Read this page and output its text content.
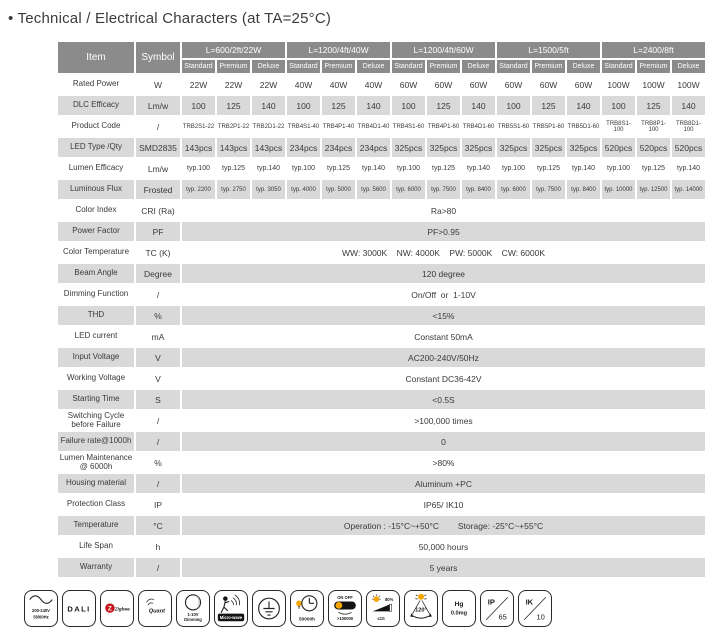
• Technical / Electrical Characters (at TA=25°C)
Item	Symbol	L=600/2ft/22W			L=1200/4ft/40W			L=1200/4ft/60W			L=1500/5ft			L=2400/8ft		
		Standard	Premium	Deluxe	Standard	Premium	Deluxe	Standard	Premium	Deluxe	Standard	Premium	Deluxe	Standard	Premium	Deluxe
Rated Power	W	22W	22W	22W	40W	40W	40W	60W	60W	60W	60W	60W	60W	100W	100W	100W
DLC Efficacy	Lm/w	100	125	140	100	125	140	100	125	140	100	125	140	100	125	140
Product Code	/	TRB2S1-22	TRB2P1-22	TRB2D1-22	TRB4S1-40	TRB4P1-40	TRB4D1-40	TRB4S1-60	TRB4P1-60	TRB4D1-60	TRB5S1-60	TRB5P1-60	TRB5D1-60	TRB8S1-100	TRB8P1-100	TRB8D1-100
LED Type /Qty	SMD2835	143pcs	143pcs	143pcs	234pcs	234pcs	234pcs	325pcs	325pcs	325pcs	325pcs	325pcs	325pcs	520pcs	520pcs	520pcs
Lumen Efficacy	Lm/w	typ.100	typ.125	typ.140	typ.100	typ.125	typ.140	typ.100	typ.125	typ.140	typ.100	typ.125	typ.140	typ.100	typ.125	typ.140
Luminous Flux	Frosted	typ. 2200	typ. 2750	typ. 3050	typ. 4000	typ. 5000	typ. 5600	typ. 6000	typ. 7500	typ. 8400	typ. 6000	typ. 7500	typ. 8400	typ. 10000	typ. 12500	typ. 14000
Color Index	CRI (Ra)	Ra>80														
Power Factor	PF	PF>0.95														
Color Temperature	TC (K)	WW: 3000K    NW: 4000K    PW: 5000K    CW: 6000K														
Beam Angle	Degree	120 degree														
Dimming Function	/	On/Off  or  1-10V														
THD	%	<15%														
LED current	mA	Constant 50mA														
Input Voltage	V	AC200-240V/50Hz														
Working Voltage	V	Constant DC36-42V														
Starting Time	S	<0.5S														
Switching Cycle before Failure	/	>100,000 times														
Failure rate@1000h	/	0														
Lumen Maintenance @ 6000h	%	>80%														
Housing material	/	Aluminum +PC														
Protection Class	IP	IP65/ IK10														
Temperature	°C	Operation : -15°C~+50°C        Storage: -25°C~+55°C														
Life Span	h	50,000 hours														
Warranty	/	5 years														
200-240V
50/60Hz
DALI Z Zigbee	Quant
1-10V
Dimming	Micro-wave	50000h
ON OFF
>100000
80%
≤1S
120°
Hg
0.0mg
IP
65
IK
10
